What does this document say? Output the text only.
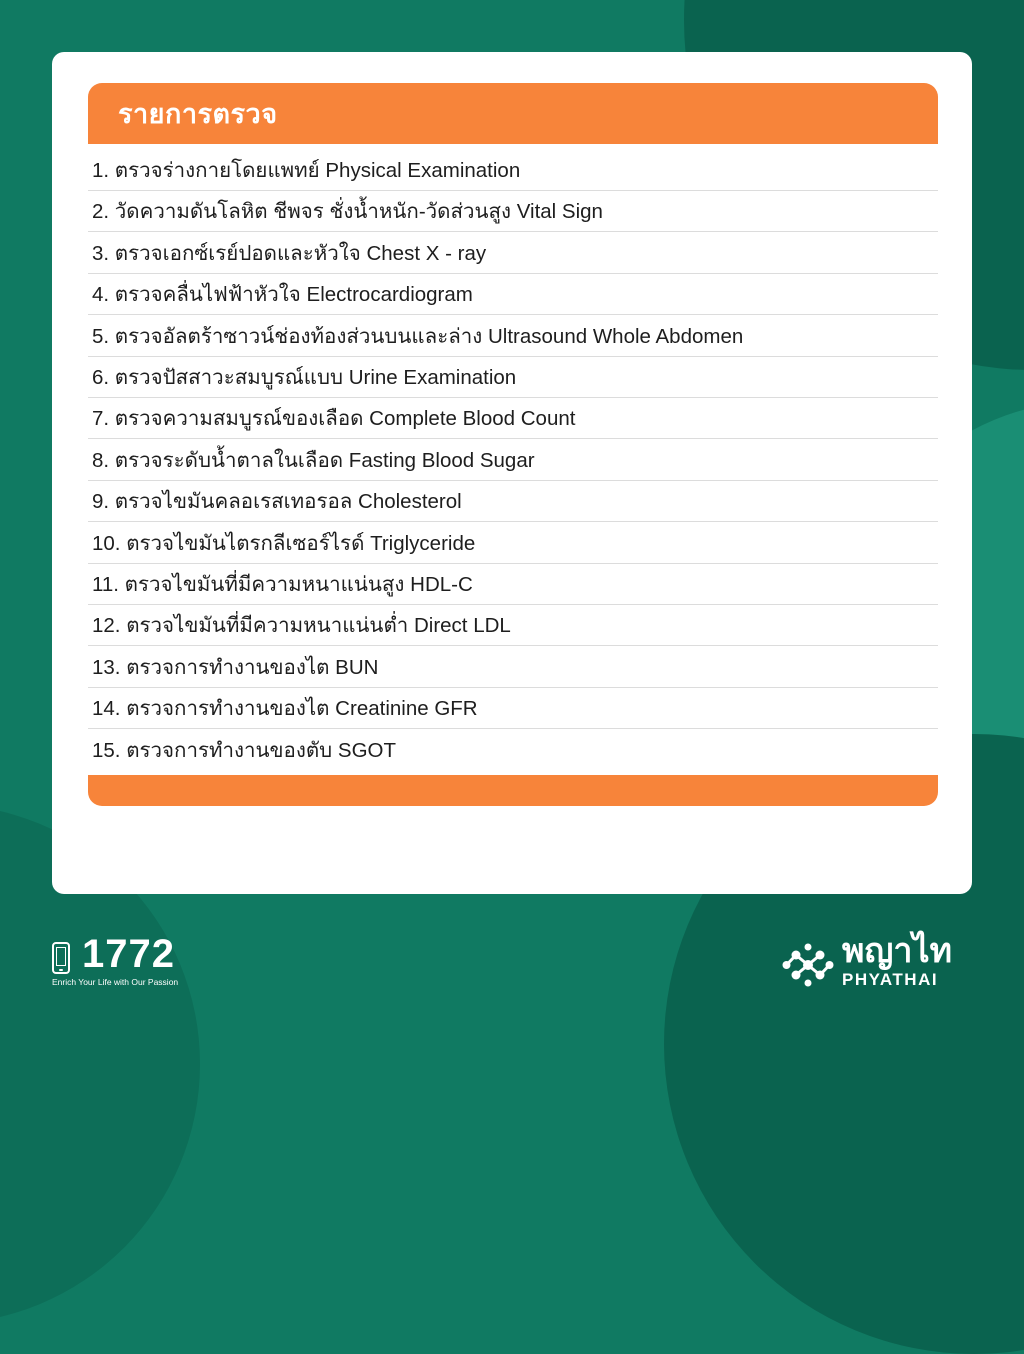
รายการตรวจ
1. ตรวจร่างกายโดยแพทย์ Physical Examination
2. วัดความดันโลหิต ชีพจร ชั่งน้ำหนัก-วัดส่วนสูง Vital Sign
3. ตรวจเอกซ์เรย์ปอดและหัวใจ Chest X - ray
4. ตรวจคลื่นไฟฟ้าหัวใจ Electrocardiogram
5. ตรวจอัลตร้าซาวน์ช่องท้องส่วนบนและล่าง Ultrasound Whole Abdomen
6. ตรวจปัสสาวะสมบูรณ์แบบ Urine Examination
7. ตรวจความสมบูรณ์ของเลือด Complete Blood Count
8. ตรวจระดับน้ำตาลในเลือด Fasting Blood Sugar
9. ตรวจไขมันคลอเรสเทอรอล Cholesterol
10. ตรวจไขมันไตรกลีเซอร์ไรด์ Triglyceride
11. ตรวจไขมันที่มีความหนาแน่นสูง HDL-C
12. ตรวจไขมันที่มีความหนาแน่นต่ำ Direct LDL
13. ตรวจการทำงานของไต BUN
14. ตรวจการทำงานของไต Creatinine GFR
15. ตรวจการทำงานของตับ SGOT
1772
Enrich Your Life with Our Passion
พญาไท
PHYATHAI
